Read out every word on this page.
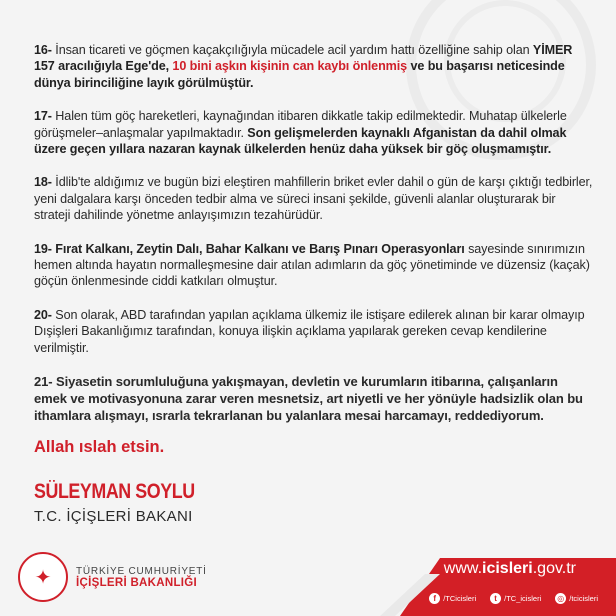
16- İnsan ticareti ve göçmen kaçakçılığıyla mücadele acil yardım hattı özelliğine sahip olan YİMER 157 aracılığıyla Ege'de, 10 bini aşkın kişinin can kaybı önlenmiş ve bu başarısı neticesinde dünya birinciliğine layık görülmüştür.

17- Halen tüm göç hareketleri, kaynağından itibaren dikkatle takip edilmektedir. Muhatap ülkelerle görüşmeler–anlaşmalar yapılmaktadır. Son gelişmelerden kaynaklı Afganistan da dahil olmak üzere geçen yıllara nazaran kaynak ülkelerden henüz daha yüksek bir göç oluşmamıştır.

18- İdlib'te aldığımız ve bugün bizi eleştiren mahfillerin briket evler dahil o gün de karşı çıktığı tedbirler, yeni dalgalara karşı önceden tedbir alma ve süreci insani şekilde, güvenli alanlar oluşturarak bir strateji dahilinde yönetme anlayışımızın tezahürüdür.

19- Fırat Kalkanı, Zeytin Dalı, Bahar Kalkanı ve Barış Pınarı Operasyonları sayesinde sınırımızın hemen altında hayatın normalleşmesine dair atılan adımların da göç yönetiminde ve düzensiz (kaçak) göçün önlenmesinde ciddi katkıları olmuştur.

20- Son olarak, ABD tarafından yapılan açıklama ülkemiz ile istişare edilerek alınan bir karar olmayıp Dışişleri Bakanlığımız tarafından, konuya ilişkin açıklama yapılarak gereken cevap kendilerine verilmiştir.

21- Siyasetin sorumluluğuna yakışmayan, devletin ve kurumların itibarına, çalışanların emek ve motivasyonuna zarar veren mesnetsiz, art niyetli ve her yönüyle hadsizlik olan bu ithamlara alışmayı, ısrarla tekrarlanan bu yalanlara mesai harcamayı, reddediyorum.

Allah ıslah etsin.

SÜLEYMAN SOYLU
T.C. İÇİŞLERİ BAKANI
✦	TÜRKİYE CUMHURİYETİ
İÇİŞLERİ BAKANLIĞI
www.icisleri.gov.tr
f /TCicisleri	t /TC_icisleri ◎ /tcicisleri
